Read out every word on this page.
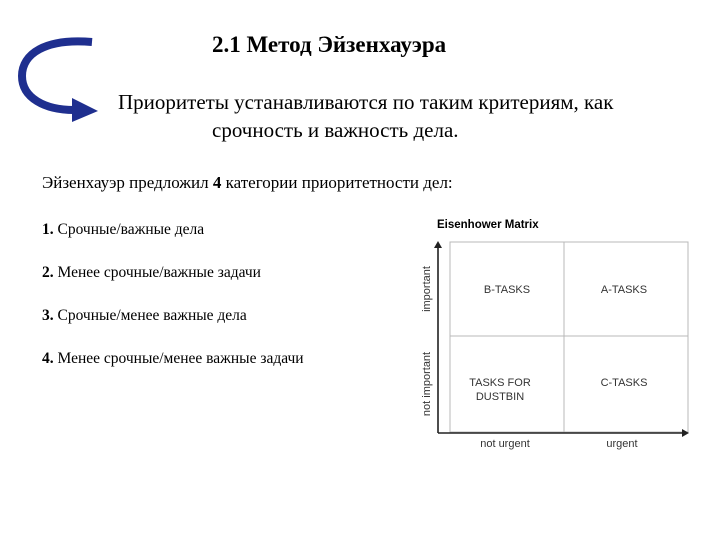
2.1 Метод Эйзенхауэра
Приоритеты устанавливаются по таким критериям, как
срочность и важность дела.
Эйзенхауэр предложил 4 категории приоритетности дел:
1. Срочные/важные дела
2. Менее срочные/важные задачи
3. Срочные/менее важные дела
4. Менее срочные/менее важные задачи
Eisenhower Matrix
B-TASKS	A-TASKS
TASKS FOR
DUSTBIN
C-TASKS
not urgent	urgent
important
not important
